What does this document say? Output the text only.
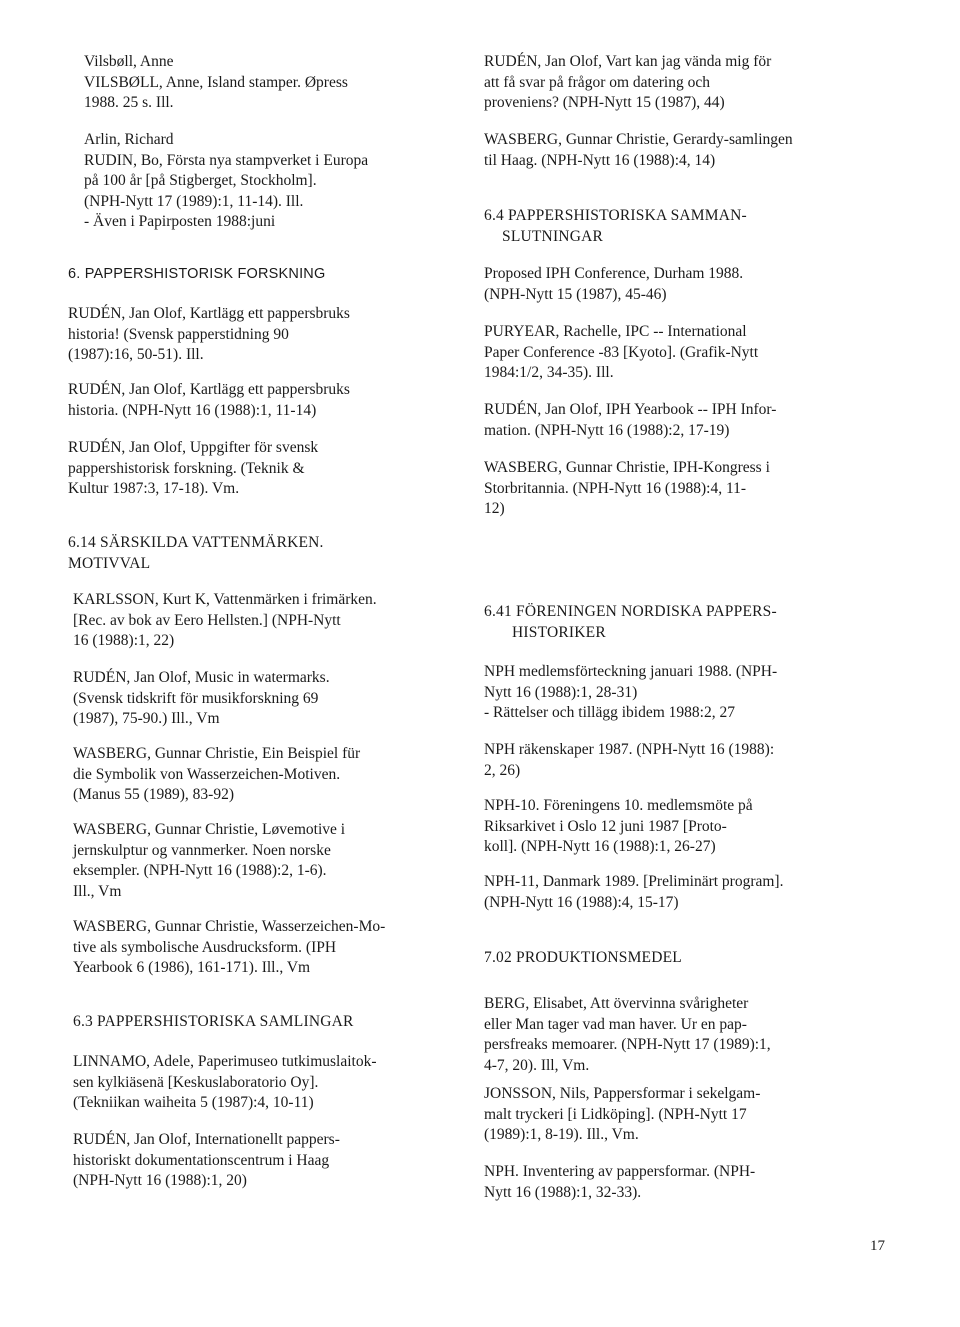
Vilsbøll, Anne
VILSBØLL, Anne, Island stamper. Øpress
1988. 25 s. Ill.
Arlin, Richard
RUDIN, Bo, Första nya stampverket i Europa
på 100 år [på Stigberget, Stockholm].
(NPH-Nytt 17 (1989):1, 11-14). Ill.
- Även i Papirposten 1988:juni
6. PAPPERSHISTORISK FORSKNING
RUDÉN, Jan Olof, Kartlägg ett pappersbruks
historia! (Svensk papperstidning 90
(1987):16, 50-51). Ill.
RUDÉN, Jan Olof, Kartlägg ett pappersbruks
historia. (NPH-Nytt 16 (1988):1, 11-14)
RUDÉN, Jan Olof, Uppgifter för svensk
pappershistorisk forskning. (Teknik &
Kultur 1987:3, 17-18). Vm.
6.14 SÄRSKILDA VATTENMÄRKEN.
MOTIVVAL
KARLSSON, Kurt K, Vattenmärken i frimärken.
[Rec. av bok av Eero Hellsten.] (NPH-Nytt
16 (1988):1, 22)
RUDÉN, Jan Olof, Music in watermarks.
(Svensk tidskrift för musikforskning 69
(1987), 75-90.) Ill., Vm
WASBERG, Gunnar Christie, Ein Beispiel für
die Symbolik von Wasserzeichen-Motiven.
(Manus 55 (1989), 83-92)
WASBERG, Gunnar Christie, Løvemotive i
jernskulptur og vannmerker. Noen norske
eksempler. (NPH-Nytt 16 (1988):2, 1-6).
Ill., Vm
WASBERG, Gunnar Christie, Wasserzeichen-Mo-
tive als symbolische Ausdrucksform. (IPH
Yearbook 6 (1986), 161-171). Ill., Vm
6.3 PAPPERSHISTORISKA SAMLINGAR
LINNAMO, Adele, Paperimuseo tutkimuslaitok-
sen kylkiäsenä [Keskuslaboratorio Oy].
(Tekniikan waiheita 5 (1987):4, 10-11)
RUDÉN, Jan Olof, Internationellt pappers-
historiskt dokumentationscentrum i Haag
(NPH-Nytt 16 (1988):1, 20)
RUDÉN, Jan Olof, Vart kan jag vända mig för
att få svar på frågor om datering och
proveniens? (NPH-Nytt 15 (1987), 44)
WASBERG, Gunnar Christie, Gerardy-samlingen
til Haag. (NPH-Nytt 16 (1988):4, 14)
6.4 PAPPERSHISTORISKA SAMMAN-
SLUTNINGAR
Proposed IPH Conference, Durham 1988.
(NPH-Nytt 15 (1987), 45-46)
PURYEAR, Rachelle, IPC -- International
Paper Conference -83 [Kyoto]. (Grafik-Nytt
1984:1/2, 34-35). Ill.
RUDÉN, Jan Olof, IPH Yearbook -- IPH Infor-
mation. (NPH-Nytt 16 (1988):2, 17-19)
WASBERG, Gunnar Christie, IPH-Kongress i
Storbritannia. (NPH-Nytt 16 (1988):4, 11-
12)
6.41 FÖRENINGEN NORDISKA PAPPERS-
HISTORIKER
NPH medlemsförteckning januari 1988. (NPH-
Nytt 16 (1988):1, 28-31)
- Rättelser och tillägg ibidem 1988:2, 27
NPH räkenskaper 1987. (NPH-Nytt 16 (1988):
2, 26)
NPH-10. Föreningens 10. medlemsmöte på
Riksarkivet i Oslo 12 juni 1987 [Proto-
koll]. (NPH-Nytt 16 (1988):1, 26-27)
NPH-11, Danmark 1989. [Preliminärt program].
(NPH-Nytt 16 (1988):4, 15-17)
7.02 PRODUKTIONSMEDEL
BERG, Elisabet, Att övervinna svårigheter
eller Man tager vad man haver. Ur en pap-
persfreaks memoarer. (NPH-Nytt 17 (1989):1,
4-7, 20). Ill, Vm.
JONSSON, Nils, Pappersformar i sekelgam-
malt tryckeri [i Lidköping]. (NPH-Nytt 17
(1989):1, 8-19). Ill., Vm.
NPH. Inventering av pappersformar. (NPH-
Nytt 16 (1988):1, 32-33).
17
